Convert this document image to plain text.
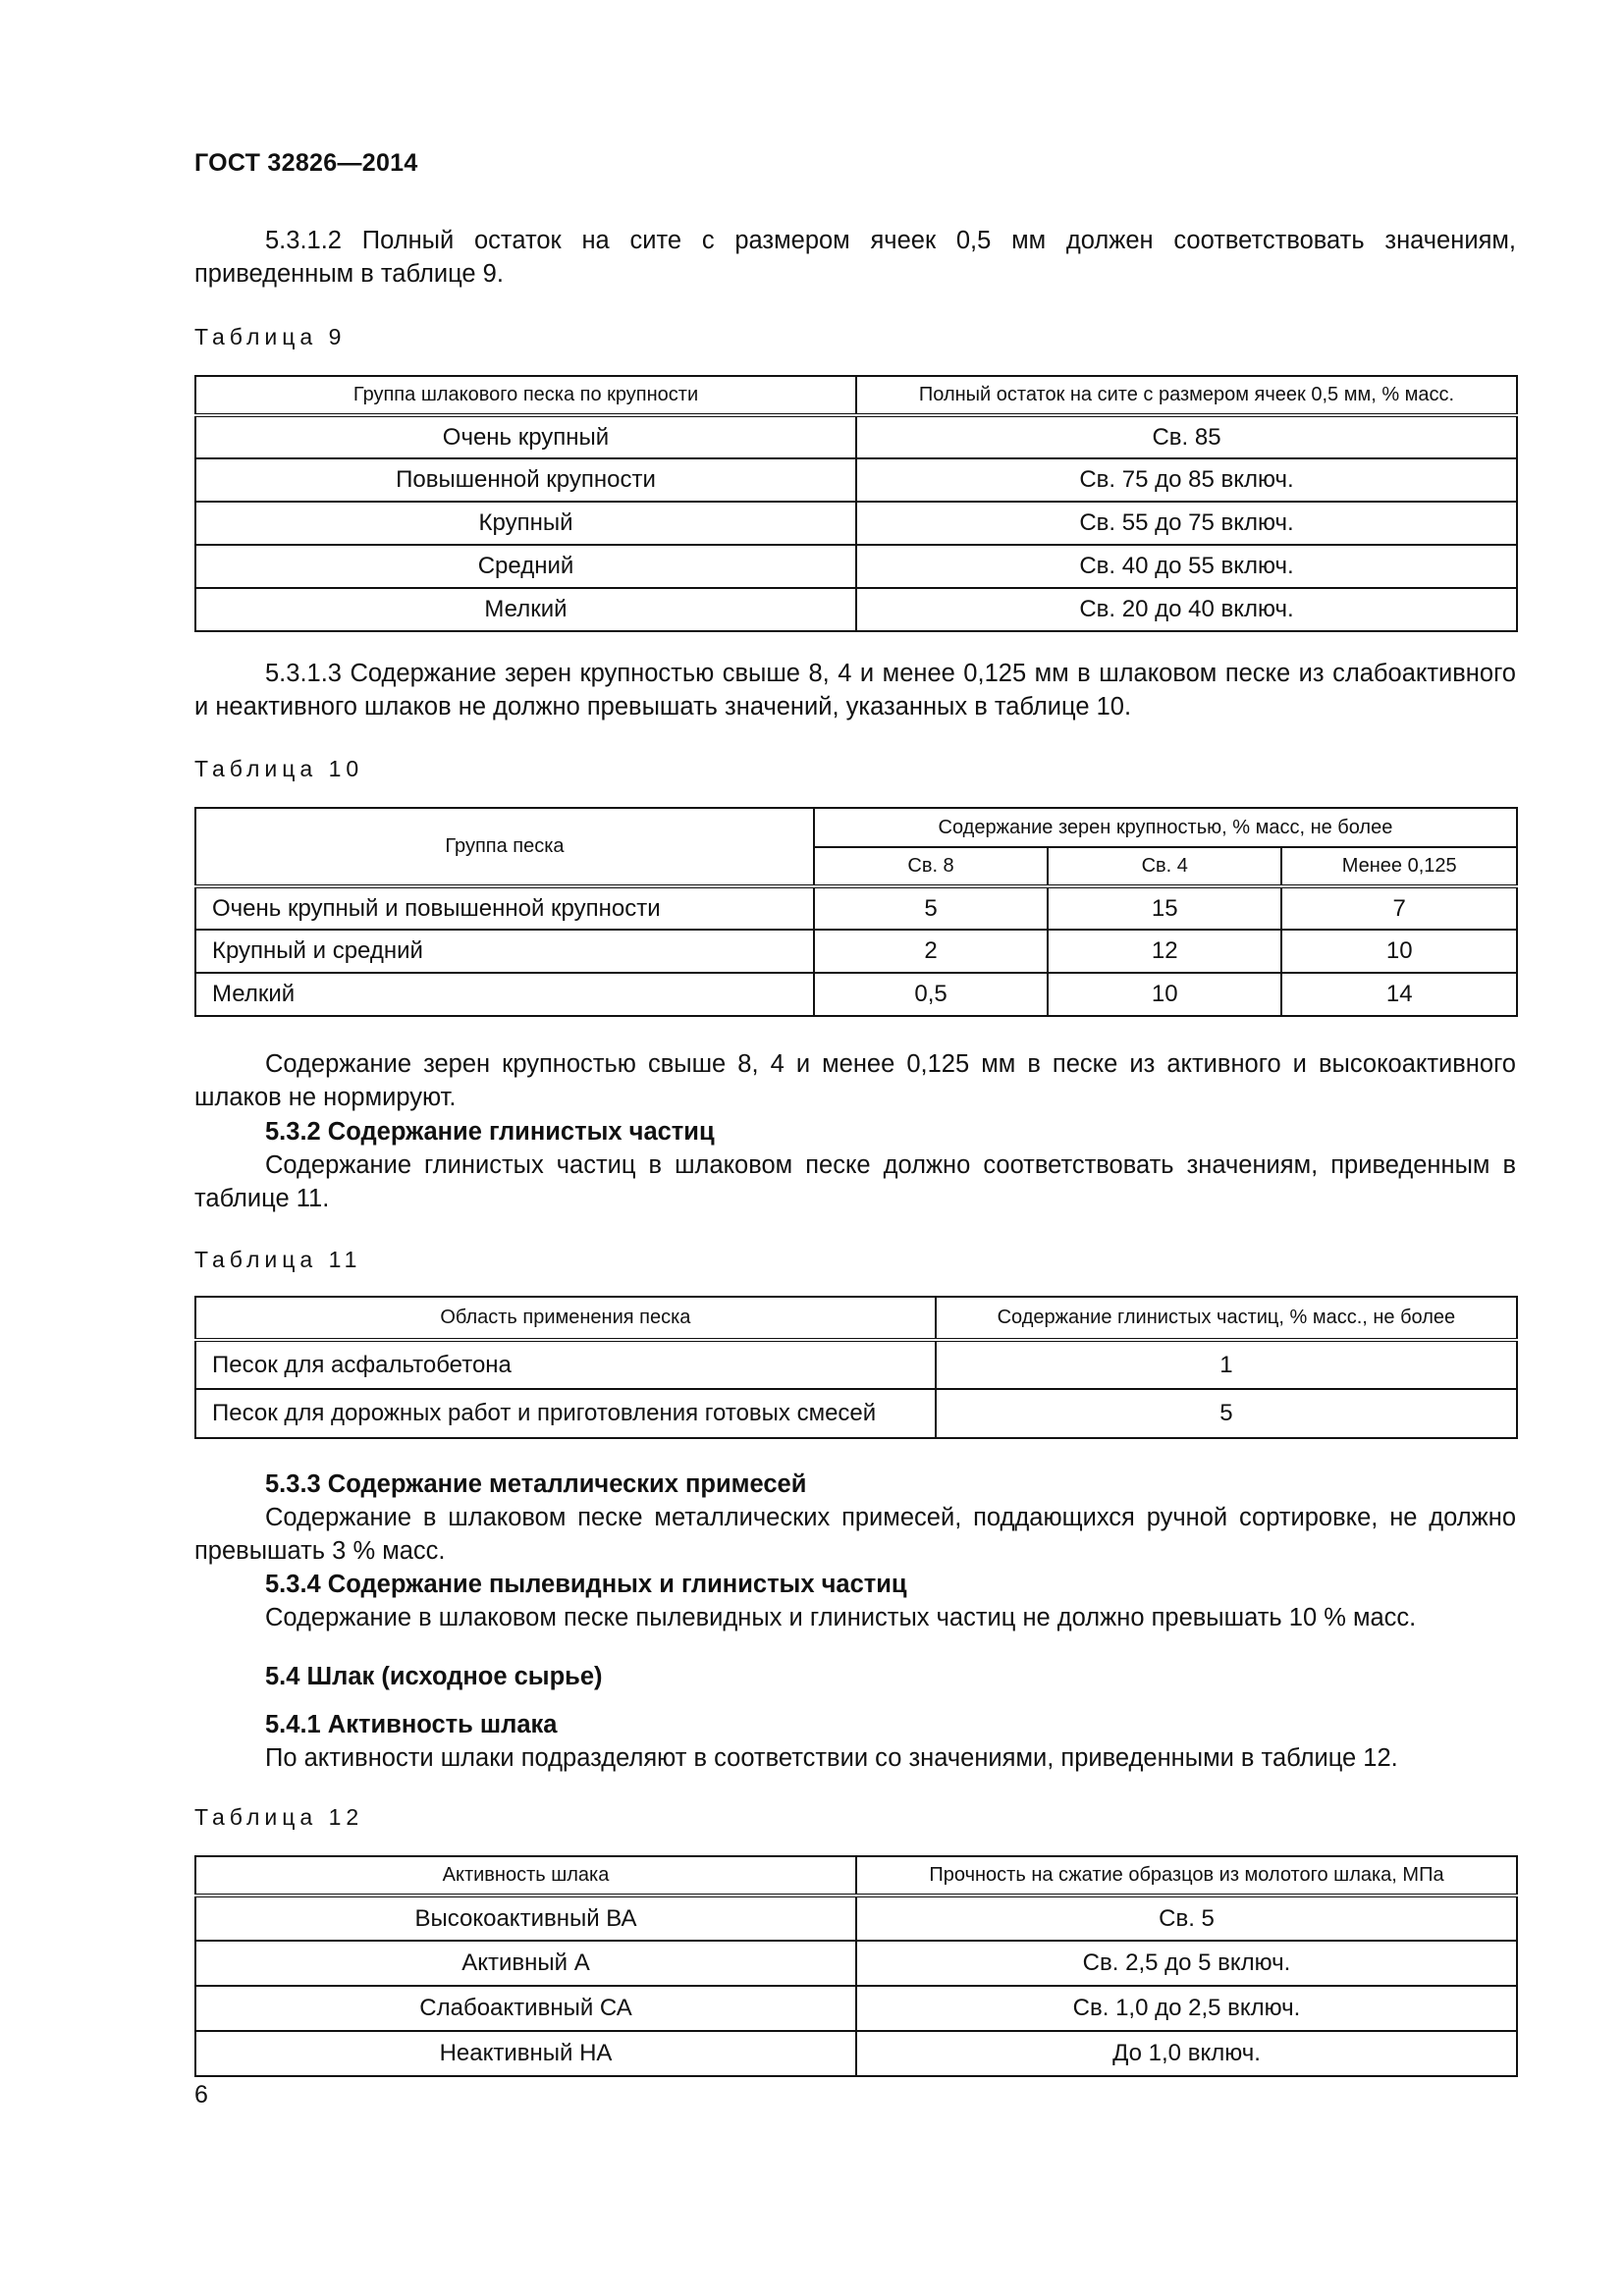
ГОСТ 32826—2014
5.3.1.2 Полный остаток на сите с размером ячеек 0,5 мм должен соответствовать значениям, приведенным в таблице 9.
Таблица 9
Группа шлакового песка по крупности	Полный остаток на сите с размером ячеек 0,5 мм, % масс.
Очень крупный	Св. 85
Повышенной крупности	Св. 75 до 85 включ.
Крупный	Св. 55 до 75 включ.
Средний	Св. 40 до 55 включ.
Мелкий	Св. 20 до 40 включ.
5.3.1.3 Содержание зерен крупностью свыше 8, 4 и менее 0,125 мм в шлаковом песке из слабоактивного и неактивного шлаков не должно превышать значений, указанных в таблице 10.
Таблица 10
Группа песка	Содержание зерен крупностью, % масс, не более		
	Св. 8	Св. 4	Менее 0,125
Очень крупный и повышенной крупности	5	15	7
Крупный и средний	2	12	10
Мелкий	0,5	10	14
Содержание зерен крупностью свыше 8, 4 и менее 0,125 мм в песке из активного и высокоактивного шлаков не нормируют.
5.3.2 Содержание глинистых частиц
Содержание глинистых частиц в шлаковом песке должно соответствовать значениям, приведенным в таблице 11.
Таблица 11
Область применения песка	Содержание глинистых частиц, % масс., не более
Песок для асфальтобетона	1
Песок для дорожных работ и приготовления готовых смесей	5
5.3.3 Содержание металлических примесей
Содержание в шлаковом песке металлических примесей, поддающихся ручной сортировке, не должно превышать 3 % масс.
5.3.4 Содержание пылевидных и глинистых частиц
Содержание в шлаковом песке пылевидных и глинистых частиц не должно превышать 10 % масс.
5.4 Шлак (исходное сырье)
5.4.1 Активность шлака
По активности шлаки подразделяют в соответствии со значениями, приведенными в таблице 12.
Таблица 12
Активность шлака	Прочность на сжатие образцов из молотого шлака, МПа
Высокоактивный ВА	Св. 5
Активный А	Св. 2,5 до 5 включ.
Слабоактивный СА	Св. 1,0 до 2,5 включ.
Неактивный НА	До 1,0 включ.
6
